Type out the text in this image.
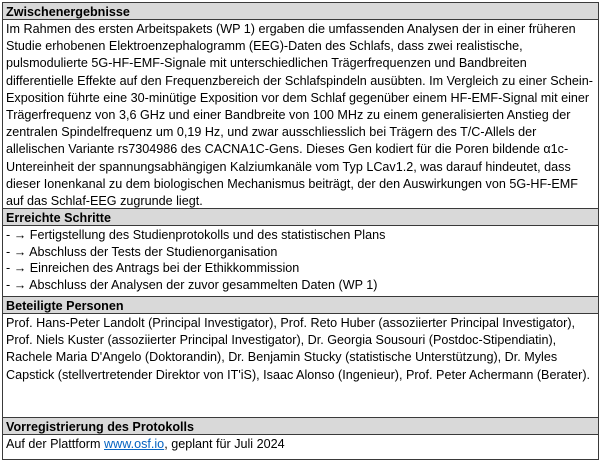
Zwischenergebnisse

Im Rahmen des ersten Arbeitspakets (WP 1) ergaben die umfassenden Analysen der in einer früheren Studie erhobenen Elektroenzephalogramm (EEG)-Daten des Schlafs, dass zwei realistische, pulsmodulierte 5G-HF-EMF-Signale mit unterschiedlichen Trägerfrequenzen und Bandbreiten differentielle Effekte auf den Frequenzbereich der Schlafspindeln ausübten. Im Vergleich zu einer Schein-Exposition führte eine 30-minütige Exposition vor dem Schlaf gegenüber einem HF-EMF-Signal mit einer Trägerfrequenz von 3,6 GHz und einer Bandbreite von 100 MHz zu einem generalisierten Anstieg der zentralen Spindelfrequenz um 0,19 Hz, und zwar ausschliesslich bei Trägern des T/C-Allels der allelischen Variante rs7304986 des CACNA1C-Gens. Dieses Gen kodiert für die Poren bildende α1c-Untereinheit der spannungsabhängigen Kalziumkanäle vom Typ LCav1.2, was darauf hindeutet, dass dieser Ionenkanal zu dem biologischen Mechanismus beiträgt, der den Auswirkungen von 5G-HF-EMF auf das Schlaf-EEG zugrunde liegt.

Erreichte Schritte
- → Fertigstellung des Studienprotokolls und des statistischen Plans
- → Abschluss der Tests der Studienorganisation
- → Einreichen des Antrags bei der Ethikkommission
- → Abschluss der Analysen der zuvor gesammelten Daten (WP 1)
Beteiligte Personen

Prof. Hans-Peter Landolt (Principal Investigator), Prof. Reto Huber (assoziierter Principal Investigator), Prof. Niels Kuster (assoziierter Principal Investigator), Dr. Georgia Sousouri (Postdoc-Stipendiatin), Rachele Maria D'Angelo (Doktorandin), Dr. Benjamin Stucky (statistische Unterstützung), Dr. Myles Capstick (stellvertretender Direktor von IT'iS), Isaac Alonso (Ingenieur), Prof. Peter Achermann (Berater).

Vorregistrierung des Protokolls

Auf der Plattform www.osf.io, geplant für Juli 2024
